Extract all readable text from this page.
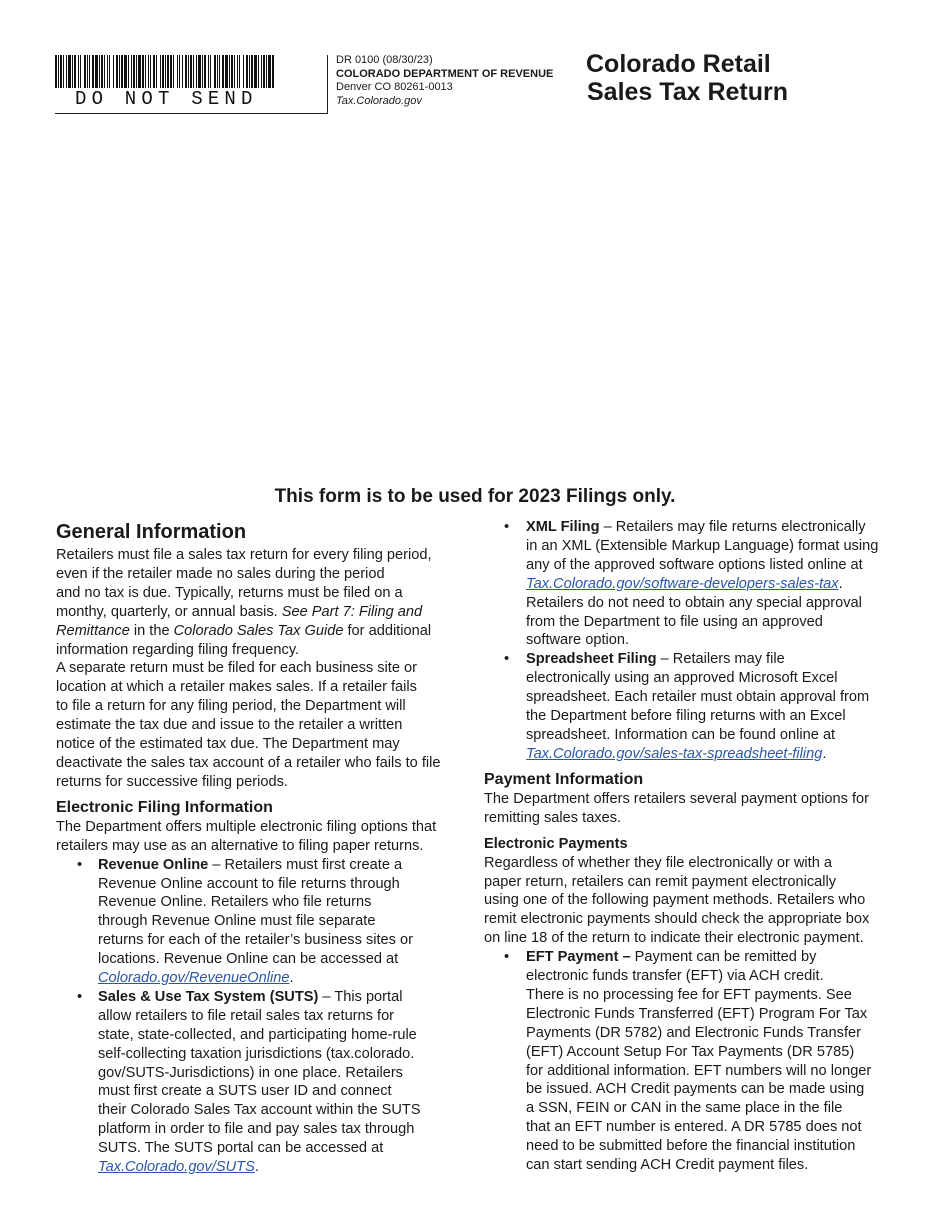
DO NOT SEND
DR 0100 (08/30/23)
COLORADO DEPARTMENT OF REVENUE
Denver CO 80261-0013
Tax.Colorado.gov
Colorado Retail
Sales Tax Return
This form is to be used for 2023 Filings only.
General Information
Retailers must file a sales tax return for every filing period,
even if the retailer made no sales during the period
and no tax is due. Typically, returns must be filed on a
monthy, quarterly, or annual basis. See Part 7: Filing and
Remittance in the Colorado Sales Tax Guide for additional
information regarding filing frequency.
A separate return must be filed for each business site or
location at which a retailer makes sales. If a retailer fails
to file a return for any filing period, the Department will
estimate the tax due and issue to the retailer a written
notice of the estimated tax due. The Department may
deactivate the sales tax account of a retailer who fails to file
returns for successive filing periods.
Electronic Filing Information
The Department offers multiple electronic filing options that
retailers may use as an alternative to filing paper returns.
• Revenue Online – Retailers must first create a
Revenue Online account to file returns through
Revenue Online. Retailers who file returns
through Revenue Online must file separate
returns for each of the retailer’s business sites or
locations. Revenue Online can be accessed at
Colorado.gov/RevenueOnline.
• Sales & Use Tax System (SUTS) – This portal
allow retailers to file retail sales tax returns for
state, state-collected, and participating home-rule
self-collecting taxation jurisdictions (tax.colorado.
gov/SUTS-Jurisdictions) in one place. Retailers
must first create a SUTS user ID and connect
their Colorado Sales Tax account within the SUTS
platform in order to file and pay sales tax through
SUTS. The SUTS portal can be accessed at
Tax.Colorado.gov/SUTS.
• XML Filing – Retailers may file returns electronically
in an XML (Extensible Markup Language) format using
any of the approved software options listed online at
Tax.Colorado.gov/software-developers-sales-tax.
Retailers do not need to obtain any special approval
from the Department to file using an approved
software option.
• Spreadsheet Filing – Retailers may file
electronically using an approved Microsoft Excel
spreadsheet. Each retailer must obtain approval from
the Department before filing returns with an Excel
spreadsheet. Information can be found online at
Tax.Colorado.gov/sales-tax-spreadsheet-filing.
Payment Information
The Department offers retailers several payment options for
remitting sales taxes.
Electronic Payments
Regardless of whether they file electronically or with a
paper return, retailers can remit payment electronically
using one of the following payment methods. Retailers who
remit electronic payments should check the appropriate box
on line 18 of the return to indicate their electronic payment.
• EFT Payment – Payment can be remitted by
electronic funds transfer (EFT) via ACH credit.
There is no processing fee for EFT payments. See
Electronic Funds Transferred (EFT) Program For Tax
Payments (DR 5782) and Electronic Funds Transfer
(EFT) Account Setup For Tax Payments (DR 5785)
for additional information. EFT numbers will no longer
be issued. ACH Credit payments can be made using
a SSN, FEIN or CAN in the same place in the file
that an EFT number is entered. A DR 5785 does not
need to be submitted before the financial institution
can start sending ACH Credit payment files.
